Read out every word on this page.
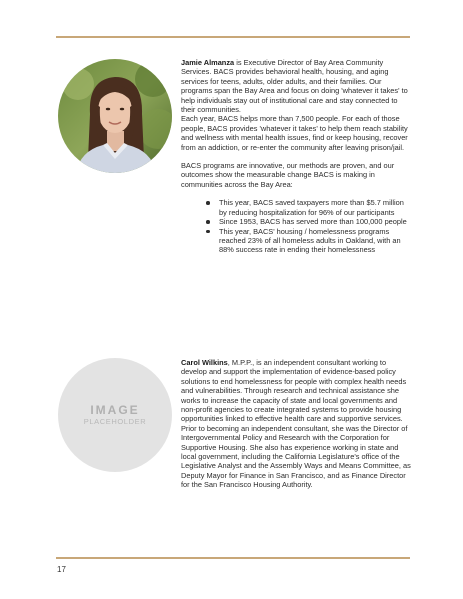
Jamie Almanza is Executive Director of Bay Area Community Services. BACS provides behavioral health, housing, and aging services for teens, adults, older adults, and their families. Our programs span the Bay Area and focus on doing 'whatever it takes' to help individuals stay out of institutional care and stay connected to their communities.

Each year, BACS helps more than 7,500 people. For each of those people, BACS provides 'whatever it takes' to help them reach stability and wellness with mental health issues, find or keep housing, recover from an addiction, or re-enter the community after leaving prison/jail.

BACS programs are innovative, our methods are proven, and our outcomes show the measurable change BACS is making in communities across the Bay Area:

This year, BACS saved taxpayers more than $5.7 million by reducing hospitalization for 96% of our participants
Since 1953, BACS has served more than 100,000 people
This year, BACS' housing / homelessness programs reached 23% of all homeless adults in Oakland, with an 88% success rate in ending their homelessness
IMAGE
PLACEHOLDER

Carol Wilkins, M.P.P., is an independent consultant working to develop and support the implementation of evidence-based policy solutions to end homelessness for people with complex health needs and vulnerabilities. Through research and technical assistance she works to increase the capacity of state and local governments and non-profit agencies to create integrated systems to provide housing opportunities linked to effective health care and supportive services. Prior to becoming an independent consultant, she was the Director of Intergovernmental Policy and Research with the Corporation for Supportive Housing. She also has experience working in state and local government, including the California Legislature's office of the Legislative Analyst and the Assembly Ways and Means Committee, as Deputy Mayor for Finance in San Francisco, and as Finance Director for the San Francisco Housing Authority.

17
